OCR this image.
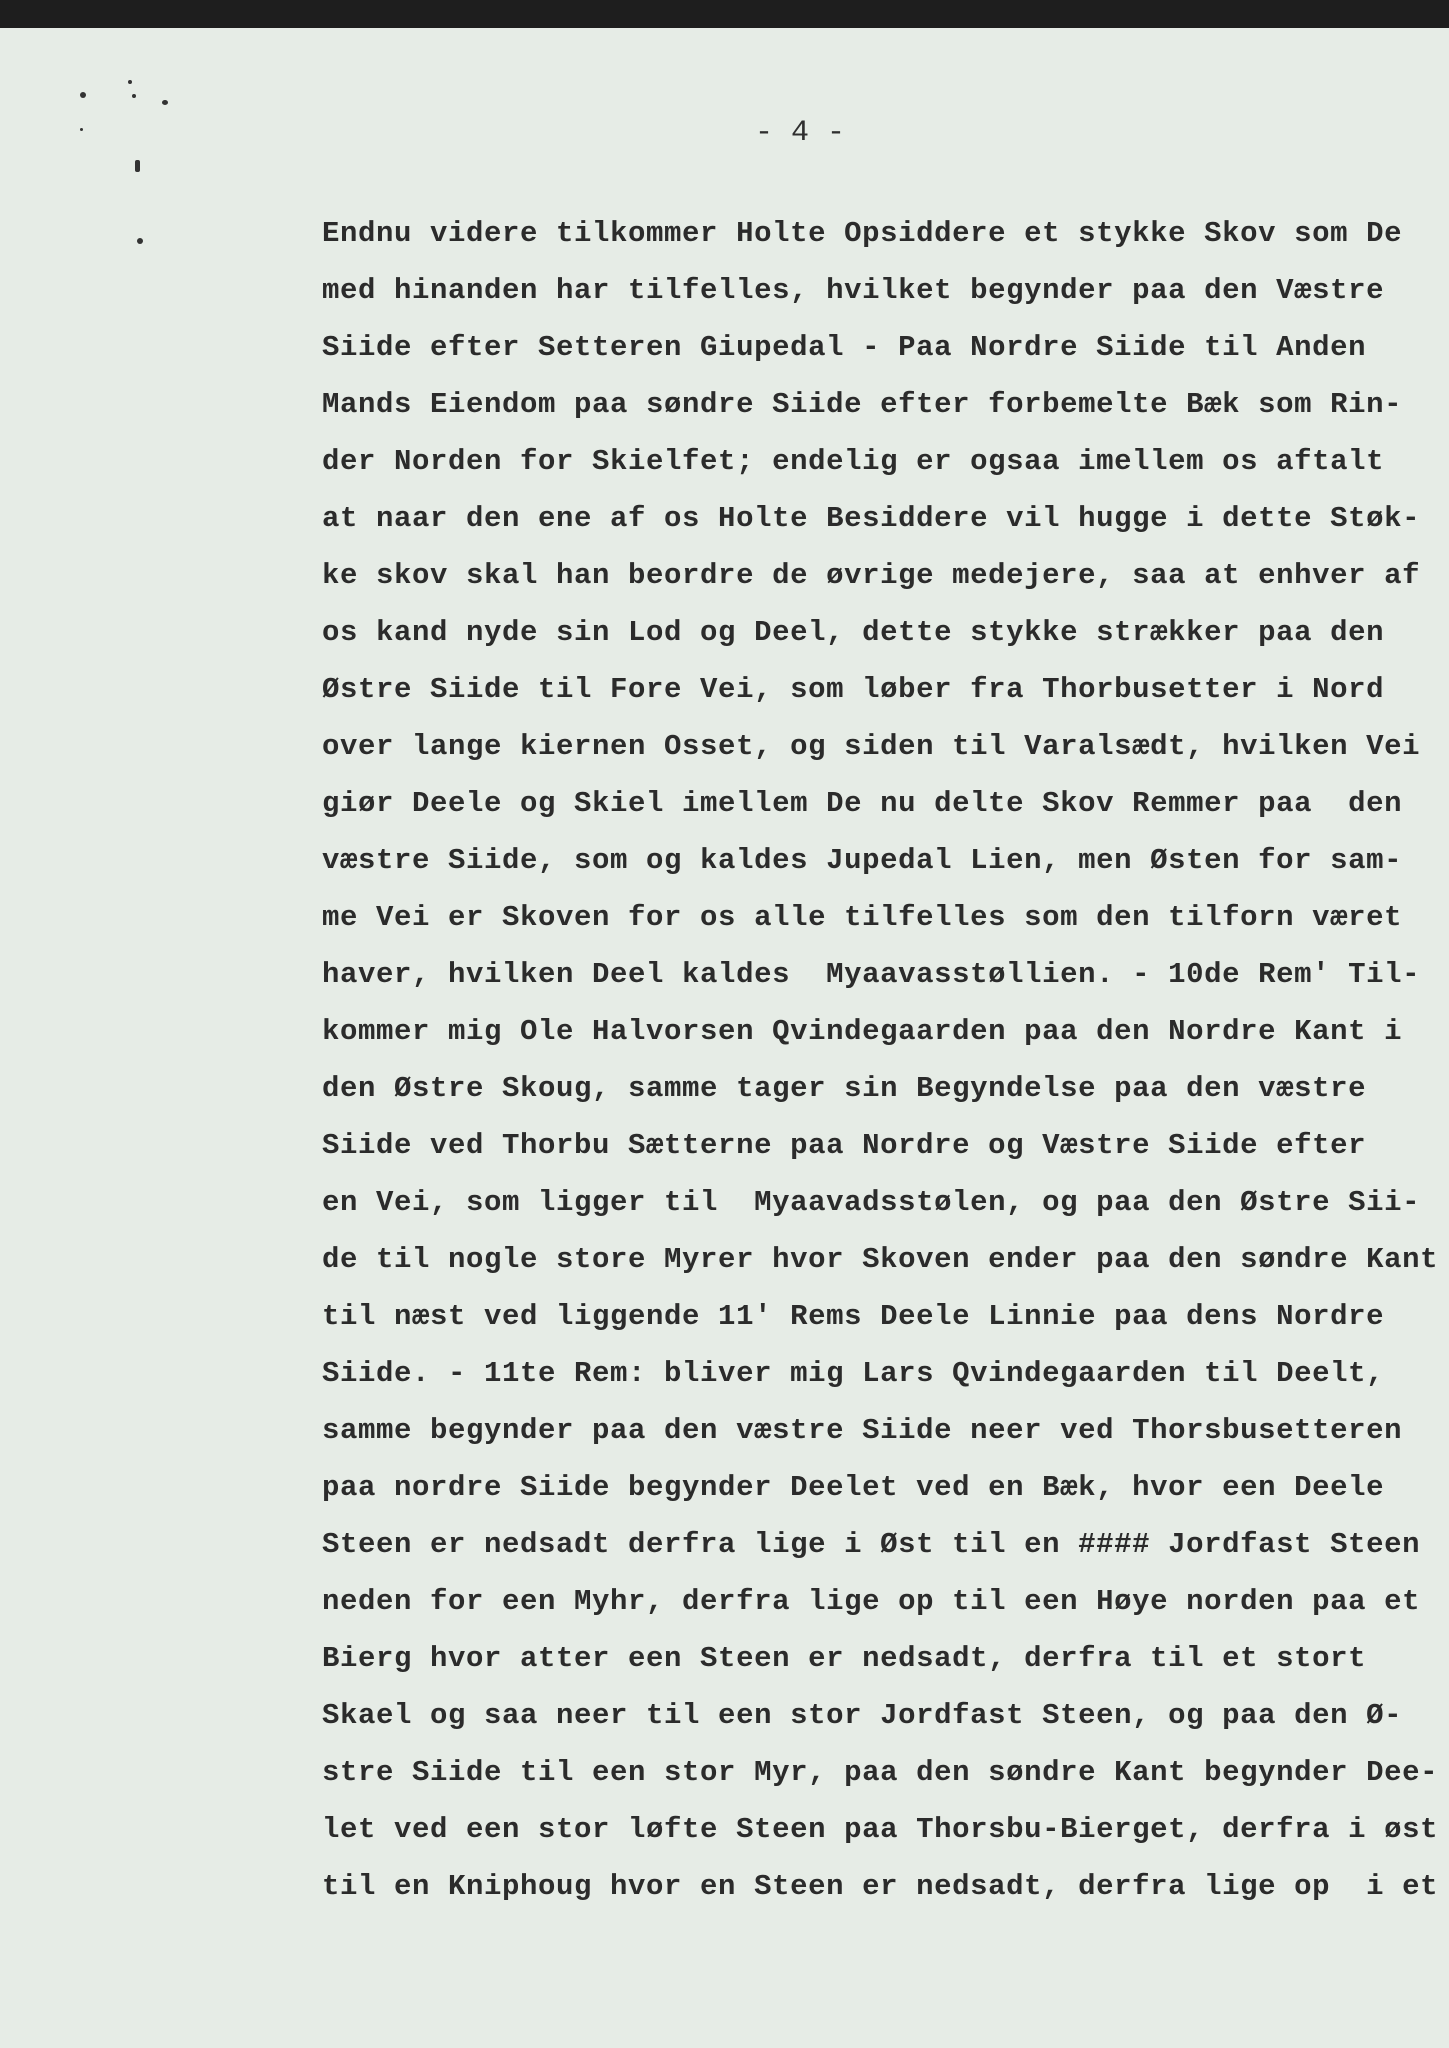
- 4 -
Endnu videre tilkommer Holte Opsiddere et stykke Skov som De
med hinanden har tilfelles, hvilket begynder paa den Væstre
Siide efter Setteren Giupedal - Paa Nordre Siide til Anden
Mands Eiendom paa søndre Siide efter forbemelte Bæk som Rin-
der Norden for Skielfet; endelig er ogsaa imellem os aftalt
at naar den ene af os Holte Besiddere vil hugge i dette Støk-
ke skov skal han beordre de øvrige medejere, saa at enhver af
os kand nyde sin Lod og Deel, dette stykke strækker paa den
Østre Siide til Fore Vei, som løber fra Thorbusetter i Nord
over lange kiernen Osset, og siden til Varalsædt, hvilken Vei
giør Deele og Skiel imellem De nu delte Skov Remmer paa  den
væstre Siide, som og kaldes Jupedal Lien, men Østen for sam-
me Vei er Skoven for os alle tilfelles som den tilforn været
haver, hvilken Deel kaldes  Myaavasstøllien. - 10de Rem' Til-
kommer mig Ole Halvorsen Qvindegaarden paa den Nordre Kant i
den Østre Skoug, samme tager sin Begyndelse paa den væstre
Siide ved Thorbu Sætterne paa Nordre og Væstre Siide efter
en Vei, som ligger til  Myaavadsstølen, og paa den Østre Sii-
de til nogle store Myrer hvor Skoven ender paa den søndre Kant
til næst ved liggende 11' Rems Deele Linnie paa dens Nordre
Siide. - 11te Rem: bliver mig Lars Qvindegaarden til Deelt,
samme begynder paa den væstre Siide neer ved Thorsbusetteren
paa nordre Siide begynder Deelet ved en Bæk, hvor een Deele
Steen er nedsadt derfra lige i Øst til en #### Jordfast Steen
neden for een Myhr, derfra lige op til een Høye norden paa et
Bierg hvor atter een Steen er nedsadt, derfra til et stort
Skael og saa neer til een stor Jordfast Steen, og paa den Ø-
stre Siide til een stor Myr, paa den søndre Kant begynder Dee-
let ved een stor løfte Steen paa Thorsbu-Bierget, derfra i øst
til en Kniphoug hvor en Steen er nedsadt, derfra lige op  i et
